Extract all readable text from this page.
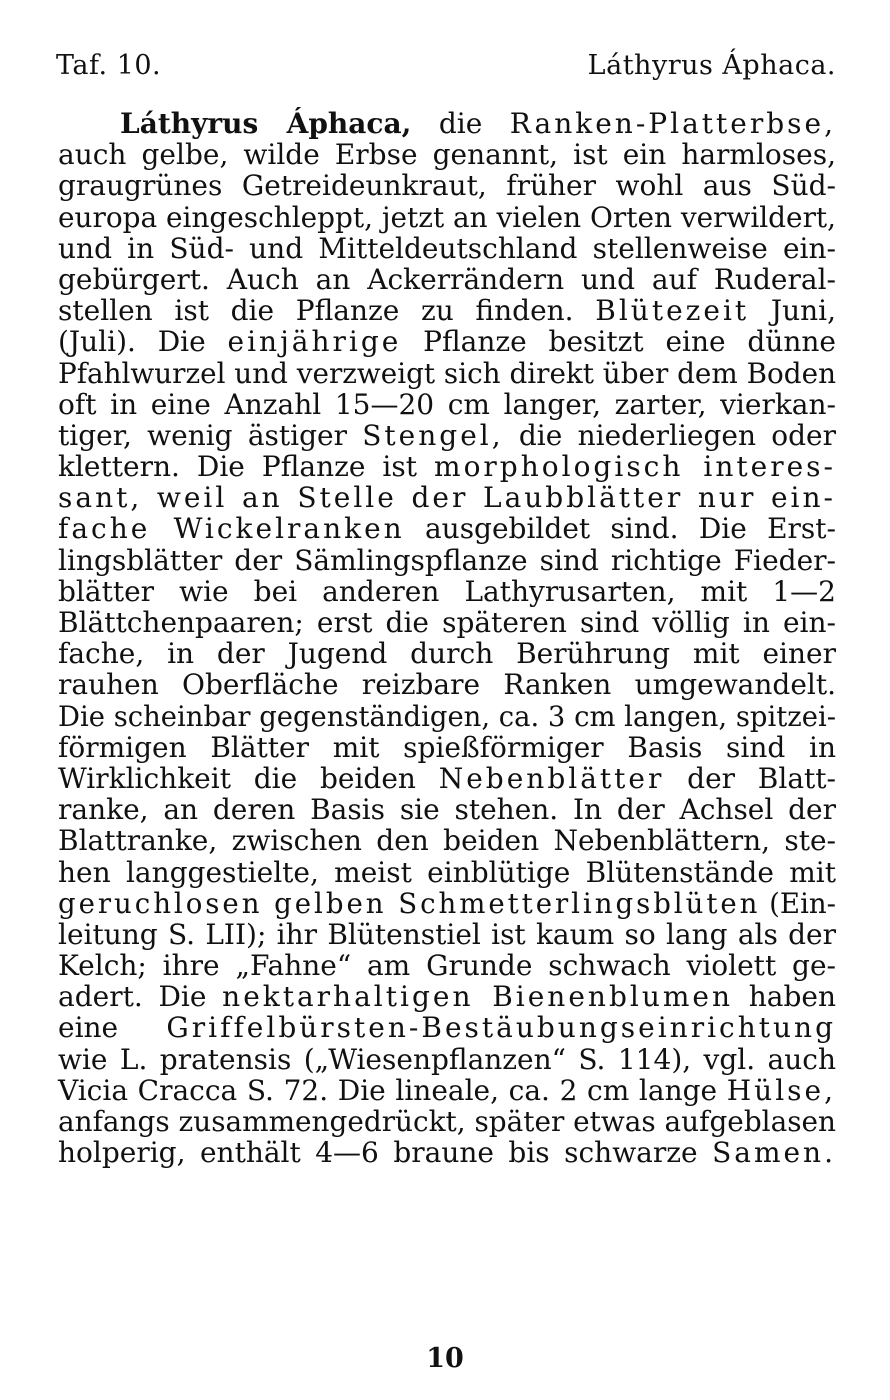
Taf. 10.	Láthyrus Áphaca.
Láthyrus Áphaca, die Ranken-Platterbse,
auch gelbe, wilde Erbse genannt, ist ein harmloses,
graugrünes Getreideunkraut, früher wohl aus Süd-
europa eingeschleppt, jetzt an vielen Orten verwildert,
und in Süd- und Mitteldeutschland stellenweise ein-
gebürgert. Auch an Ackerrändern und auf Ruderal-
stellen ist die Pflanze zu finden. Blütezeit Juni,
(Juli). Die einjährige Pflanze besitzt eine dünne
Pfahlwurzel und verzweigt sich direkt über dem Boden
oft in eine Anzahl 15—20 cm langer, zarter, vierkan-
tiger, wenig ästiger Stengel, die niederliegen oder
klettern. Die Pflanze ist morphologisch interes-
sant, weil an Stelle der Laubblätter nur ein-
fache Wickelranken ausgebildet sind. Die Erst-
lingsblätter der Sämlingspflanze sind richtige Fieder-
blätter wie bei anderen Lathyrusarten, mit 1—2
Blättchenpaaren; erst die späteren sind völlig in ein-
fache, in der Jugend durch Berührung mit einer
rauhen Oberfläche reizbare Ranken umgewandelt.
Die scheinbar gegenständigen, ca. 3 cm langen, spitzei-
förmigen Blätter mit spießförmiger Basis sind in
Wirklichkeit die beiden Nebenblätter der Blatt-
ranke, an deren Basis sie stehen. In der Achsel der
Blattranke, zwischen den beiden Nebenblättern, ste-
hen langgestielte, meist einblütige Blütenstände mit
geruchlosen gelben Schmetterlingsblüten (Ein-
leitung S. LII); ihr Blütenstiel ist kaum so lang als der
Kelch; ihre „Fahne“ am Grunde schwach violett ge-
adert. Die nektarhaltigen Bienenblumen haben
eine Griffelbürsten-Bestäubungseinrichtung
wie L. pratensis („Wiesenpflanzen“ S. 114), vgl. auch
Vicia Cracca S. 72. Die lineale, ca. 2 cm lange Hülse,
anfangs zusammengedrückt, später etwas aufgeblasen
holperig, enthält 4—6 braune bis schwarze Samen.
10
